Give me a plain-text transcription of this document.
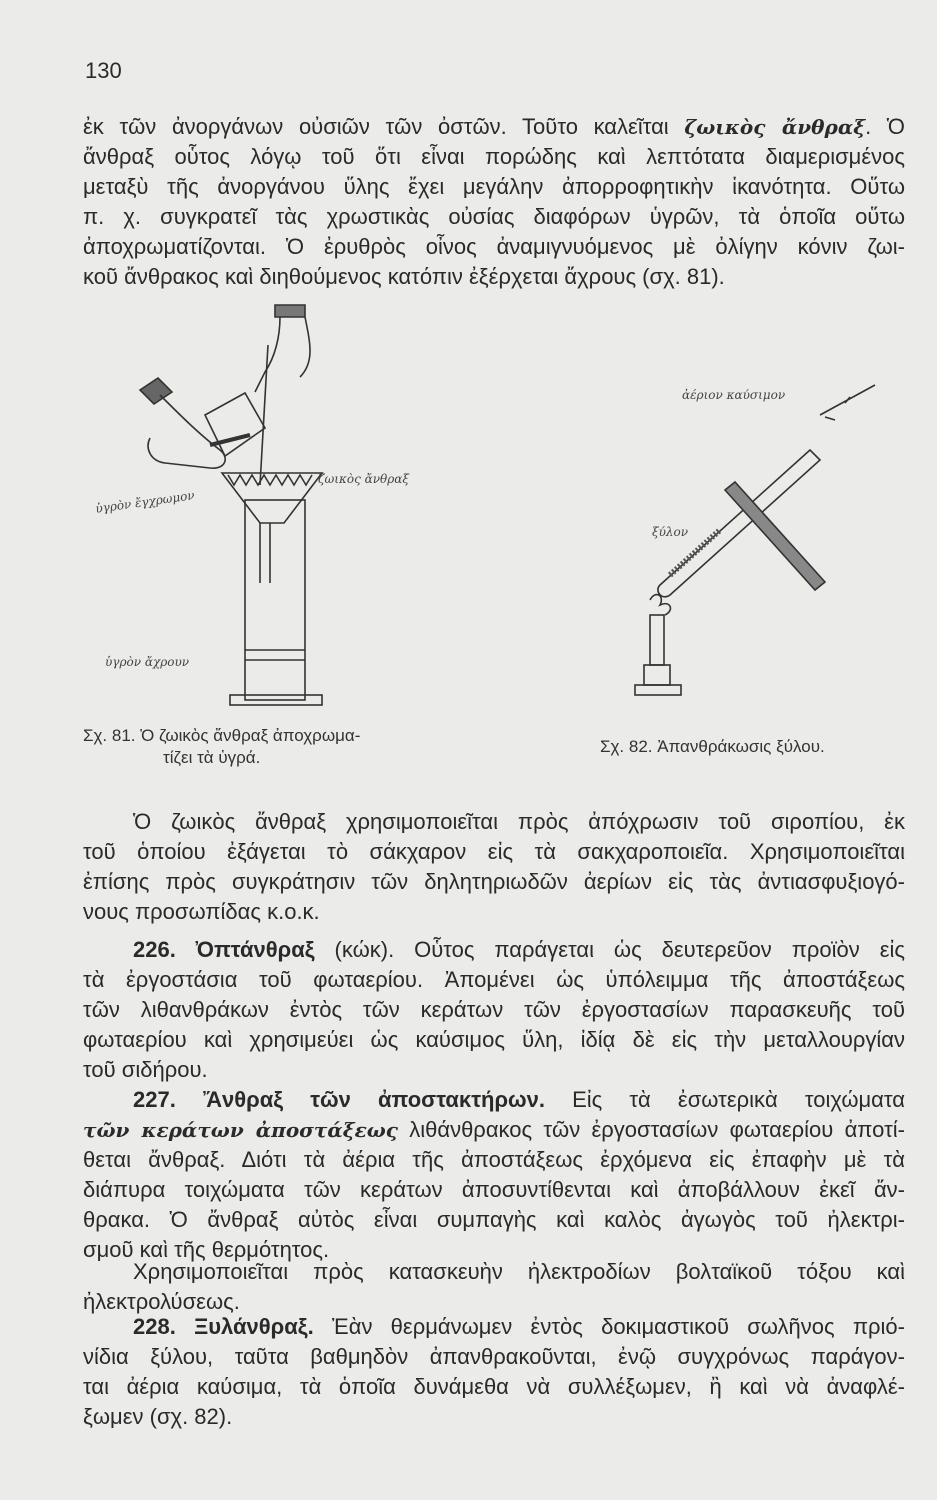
130
ἐκ τῶν ἀνοργάνων οὐσιῶν τῶν ὀστῶν. Τοῦτο καλεῖται ζωικὸς ἄνθραξ. Ὁ
ἄνθραξ οὗτος λόγῳ τοῦ ὅτι εἶναι πορώδης καὶ λεπτότατα διαμερισμένος
μεταξὺ τῆς ἀνοργάνου ὕλης ἔχει μεγάλην ἀπορροφητικὴν ἱκανότητα. Οὕτω
π. χ. συγκρατεῖ τὰς χρωστικὰς οὐσίας διαφόρων ὑγρῶν, τὰ ὁποῖα οὕτω
ἀποχρωματίζονται. Ὁ ἐρυθρὸς οἶνος ἀναμιγνυόμενος μὲ ὀλίγην κόνιν ζωι-
κοῦ ἄνθρακος καὶ διηθούμενος κατόπιν ἐξέρχεται ἄχρους (σχ. 81).
ὑγρὸν ἔγχρωμον
ζωικὸς ἄνθραξ
ὑγρὸν ἄχρουν
Σχ. 81. Ὁ ζωικὸς ἄνθραξ ἀποχρωμα-
τίζει τὰ ὑγρά.
ἀέριον καύσιμον
ξύλον
Σχ. 82. Ἀπανθράκωσις ξύλου.
Ὁ ζωικὸς ἄνθραξ χρησιμοποιεῖται πρὸς ἀπόχρωσιν τοῦ σιροπίου, ἐκ
τοῦ ὁποίου ἐξάγεται τὸ σάκχαρον εἰς τὰ σακχαροποιεῖα. Χρησιμοποιεῖται
ἐπίσης πρὸς συγκράτησιν τῶν δηλητηριωδῶν ἀερίων εἰς τὰς ἀντιασφυξιογό-
νους προσωπίδας κ.ο.κ.
226. Ὀπτάνθραξ (κώκ). Οὗτος παράγεται ὡς δευτερεῦον προϊὸν εἰς
τὰ ἐργοστάσια τοῦ φωταερίου. Ἀπομένει ὡς ὑπόλειμμα τῆς ἀποστάξεως
τῶν λιθανθράκων ἐντὸς τῶν κεράτων τῶν ἐργοστασίων παρασκευῆς τοῦ
φωταερίου καὶ χρησιμεύει ὡς καύσιμος ὕλη, ἰδίᾳ δὲ εἰς τὴν μεταλλουργίαν
τοῦ σιδήρου.
227. Ἄνθραξ τῶν ἀποστακτήρων. Εἰς τὰ ἐσωτερικὰ τοιχώματα
τῶν κεράτων ἀποστάξεως λιθάνθρακος τῶν ἐργοστασίων φωταερίου ἀποτί-
θεται ἄνθραξ. Διότι τὰ ἀέρια τῆς ἀποστάξεως ἐρχόμενα εἰς ἐπαφὴν μὲ τὰ
διάπυρα τοιχώματα τῶν κεράτων ἀποσυντίθενται καὶ ἀποβάλλουν ἐκεῖ ἄν-
θρακα. Ὁ ἄνθραξ αὐτὸς εἶναι συμπαγὴς καὶ καλὸς ἀγωγὸς τοῦ ἠλεκτρι-
σμοῦ καὶ τῆς θερμότητος.
Χρησιμοποιεῖται πρὸς κατασκευὴν ἠλεκτροδίων βολταϊκοῦ τόξου καὶ
ἠλεκτρολύσεως.
228. Ξυλάνθραξ. Ἐὰν θερμάνωμεν ἐντὸς δοκιμαστικοῦ σωλῆνος πριό-
νίδια ξύλου, ταῦτα βαθμηδὸν ἀπανθρακοῦνται, ἐνῷ συγχρόνως παράγον-
ται ἀέρια καύσιμα, τὰ ὁποῖα δυνάμεθα νὰ συλλέξωμεν, ἢ καὶ νὰ ἀναφλέ-
ξωμεν (σχ. 82).
